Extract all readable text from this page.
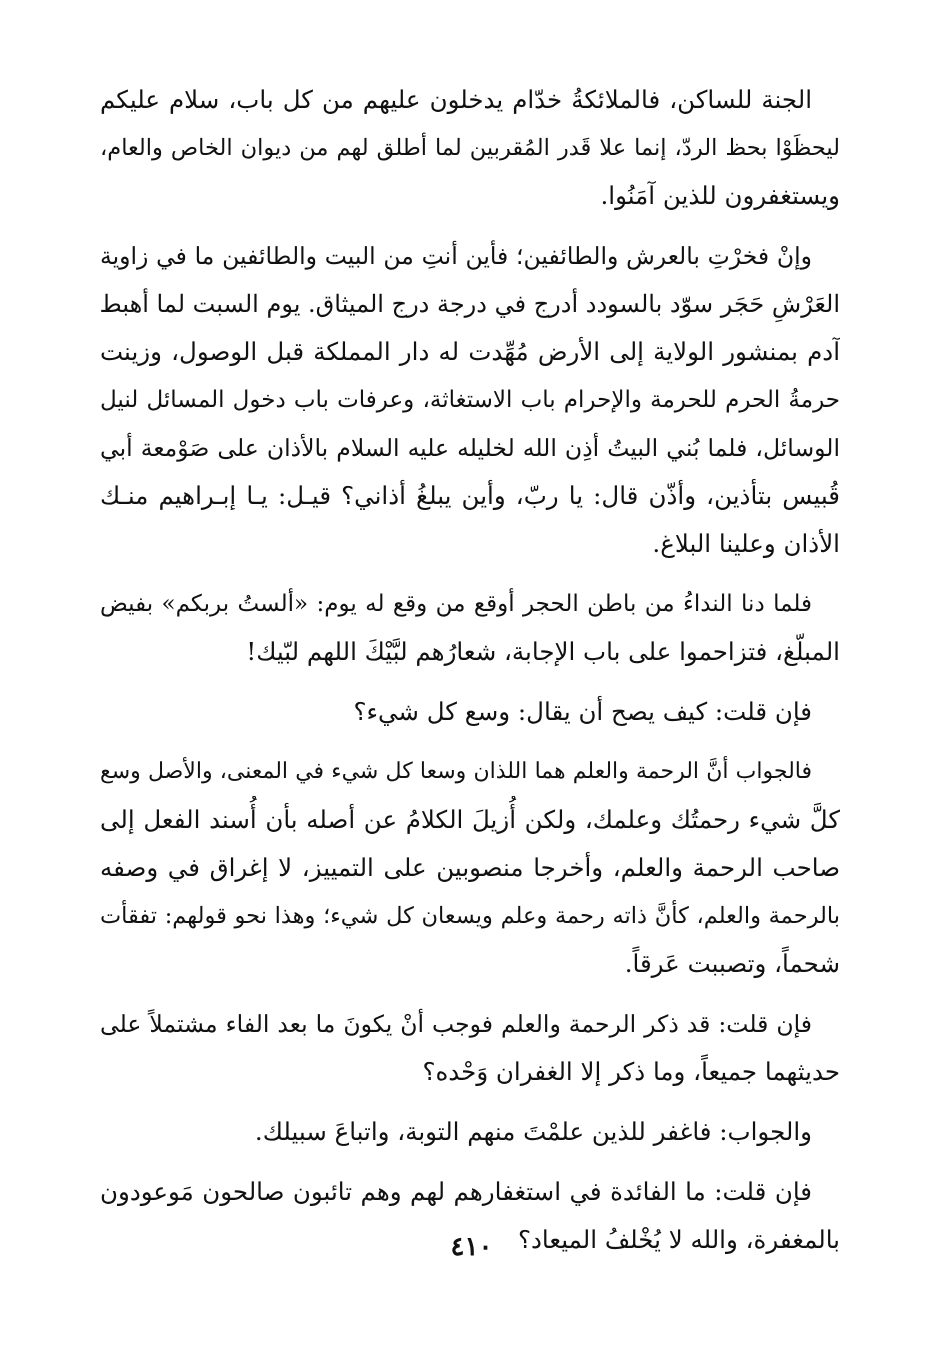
الجنة للساكن، فالملائكةُ خدّام يدخلون عليهم من كل باب، سلام عليكم
ليحظَوْا بحظ الردّ، إنما علا قَدر المُقربين لما أطلق لهم من ديوان الخاص والعام،
ويستغفرون للذين آمَنُوا.
وإنْ فخرْتِ بالعرش والطائفين؛ فأين أنتِ من البيت والطائفين ما في زاوية
العَرْشِ حَجَر سوّد بالسودد أدرج في درجة درج الميثاق. يوم السبت لما أهبط
آدم بمنشور الولاية إلى الأرض مُهِّدت له دار المملكة قبل الوصول، وزينت
حرمةُ الحرم للحرمة والإحرام باب الاستغاثة، وعرفات باب دخول المسائل لنيل
الوسائل، فلما بُني البيتُ أذِن الله لخليله عليه السلام بالأذان على صَوْمعة أبي
قُبيس بتأذين، وأذّن قال: يا ربّ، وأين يبلغُ أذاني؟ قيـل: يـا إبـراهيم منـك
الأذان وعلينا البلاغ.
فلما دنا النداءُ من باطن الحجر أوقع من وقع له يوم: «ألستُ بربكم» بفيض
المبلّغ، فتزاحموا على باب الإجابة، شعارُهم لبَّيْكَ اللهم لبّيك!
فإن قلت: كيف يصح أن يقال: وسع كل شيء؟
فالجواب أنَّ الرحمة والعلم هما اللذان وسعا كل شيء في المعنى، والأصل وسع
كلَّ شيء رحمتُك وعلمك، ولكن أُزيلَ الكلامُ عن أصله بأن أُسند الفعل إلى
صاحب الرحمة والعلم، وأخرجا منصوبين على التمييز، لا إغراق في وصفه
بالرحمة والعلم، كأنَّ ذاته رحمة وعلم ويسعان كل شيء؛ وهذا نحو قولهم: تفقأت
شحماً، وتصببت عَرقاً.
فإن قلت: قد ذكر الرحمة والعلم فوجب أنْ يكونَ ما بعد الفاء مشتملاً على
حديثهما جميعاً، وما ذكر إلا الغفران وَحْده؟
والجواب: فاغفر للذين علمْتَ منهم التوبة، واتباعَ سبيلك.
فإن قلت: ما الفائدة في استغفارهم لهم وهم تائبون صالحون مَوعودون
بالمغفرة، والله لا يُخْلفُ الميعاد؟
٤١٠
